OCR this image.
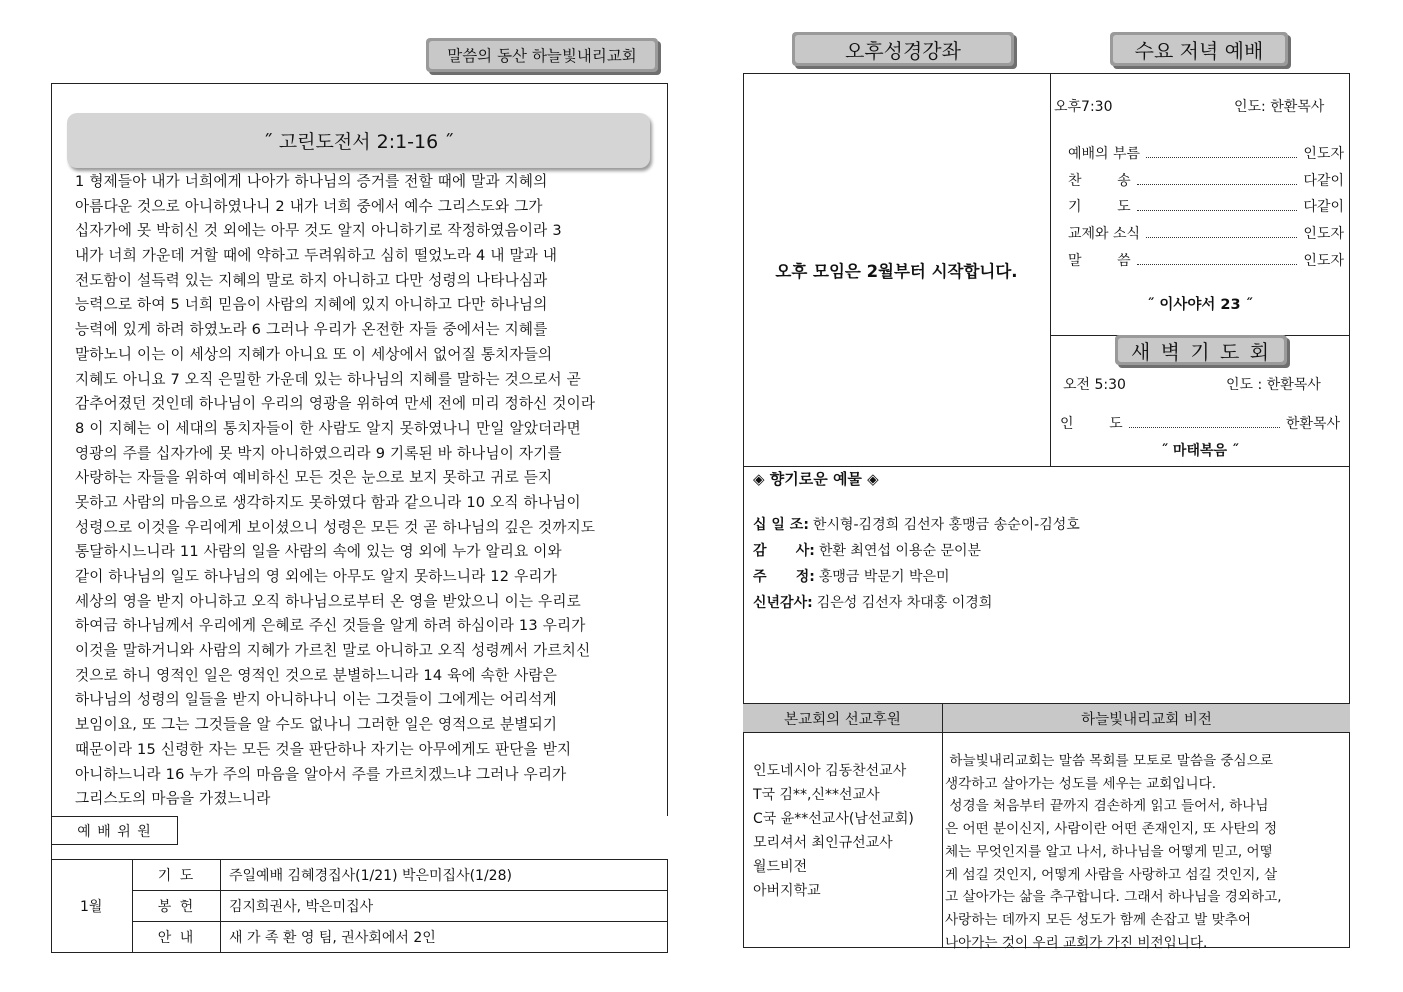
말씀의 동산 하늘빛내리교회
˝ 고린도전서 2:1-16 ˝
1 형제들아 내가 너희에게 나아가 하나님의 증거를 전할 때에 말과 지혜의
아름다운 것으로 아니하였나니 2 내가 너희 중에서 예수 그리스도와 그가
십자가에 못 박히신 것 외에는 아무 것도 알지 아니하기로 작정하였음이라 3
내가 너희 가운데 거할 때에 약하고 두려워하고 심히 떨었노라 4 내 말과 내
전도함이 설득력 있는 지혜의 말로 하지 아니하고 다만 성령의 나타나심과
능력으로 하여 5 너희 믿음이 사람의 지혜에 있지 아니하고 다만 하나님의
능력에 있게 하려 하였노라 6 그러나 우리가 온전한 자들 중에서는 지혜를
말하노니 이는 이 세상의 지혜가 아니요 또 이 세상에서 없어질 통치자들의
지혜도 아니요 7 오직 은밀한 가운데 있는 하나님의 지혜를 말하는 것으로서 곧
감추어졌던 것인데 하나님이 우리의 영광을 위하여 만세 전에 미리 정하신 것이라
8 이 지혜는 이 세대의 통치자들이 한 사람도 알지 못하였나니 만일 알았더라면
영광의 주를 십자가에 못 박지 아니하였으리라 9 기록된 바 하나님이 자기를
사랑하는 자들을 위하여 예비하신 모든 것은 눈으로 보지 못하고 귀로 듣지
못하고 사람의 마음으로 생각하지도 못하였다 함과 같으니라 10 오직 하나님이
성령으로 이것을 우리에게 보이셨으니 성령은 모든 것 곧 하나님의 깊은 것까지도
통달하시느니라 11 사람의 일을 사람의 속에 있는 영 외에 누가 알리요 이와
같이 하나님의 일도 하나님의 영 외에는 아무도 알지 못하느니라 12 우리가
세상의 영을 받지 아니하고 오직 하나님으로부터 온 영을 받았으니 이는 우리로
하여금 하나님께서 우리에게 은혜로 주신 것들을 알게 하려 하심이라 13 우리가
이것을 말하거니와 사람의 지혜가 가르친 말로 아니하고 오직 성령께서 가르치신
것으로 하니 영적인 일은 영적인 것으로 분별하느니라 14 육에 속한 사람은
하나님의 성령의 일들을 받지 아니하나니 이는 그것들이 그에게는 어리석게
보임이요, 또 그는 그것들을 알 수도 없나니 그러한 일은 영적으로 분별되기
때문이라 15 신령한 자는 모든 것을 판단하나 자기는 아무에게도 판단을 받지
아니하느니라 16 누가 주의 마음을 알아서 주를 가르치겠느냐 그러나 우리가
그리스도의 마음을 가졌느니라
예 배 위 원
1월
기 도	주일예배 김혜경집사(1/21) 박은미집사(1/28)
봉 헌	김지희권사, 박은미집사
안 내	새 가 족 환 영 팀, 권사회에서 2인
오후성경강좌	수요 저녁 예배
오후 모임은 2월부터 시작합니다.
오후7:30	인도: 한환목사
예배의 부름	인도자
찬        송	다같이
기        도	다같이
교제와 소식	인도자
말        씀	인도자
˝ 이사야서 23 ˝
새 벽 기 도 회
오전 5:30	인도 : 한환목사
인        도	한환목사
˝ 마태복음 ˝
◈ 향기로운 예물 ◈
십 일 조: 한시형-김경희 김선자 홍맹금 송순이-김성호
감      사: 한환 최연섭 이용순 문이분
주      정: 홍맹금 박문기 박은미
신년감사: 김은성 김선자 차대홍 이경희
본교회의 선교후원	하늘빛내리교회 비전
인도네시아 김동찬선교사
T국 김**,신**선교사
C국 윤**선교사(남선교회)
모리셔서 최인규선교사
월드비전
아버지학교
하늘빛내리교회는 말씀 목회를 모토로 말씀을 중심으로
생각하고 살아가는 성도를 세우는 교회입니다.
성경을 처음부터 끝까지 겸손하게 읽고 들어서, 하나님
은 어떤 분이신지, 사람이란 어떤 존재인지, 또 사탄의 정
체는 무엇인지를 알고 나서, 하나님을 어떻게 믿고, 어떻
게 섬길 것인지, 어떻게 사람을 사랑하고 섬길 것인지, 살
고 살아가는 삶을 추구합니다. 그래서 하나님을 경외하고,
사랑하는 데까지 모든 성도가 함께 손잡고 발 맞추어
나아가는 것이 우리 교회가 가진 비전입니다.
